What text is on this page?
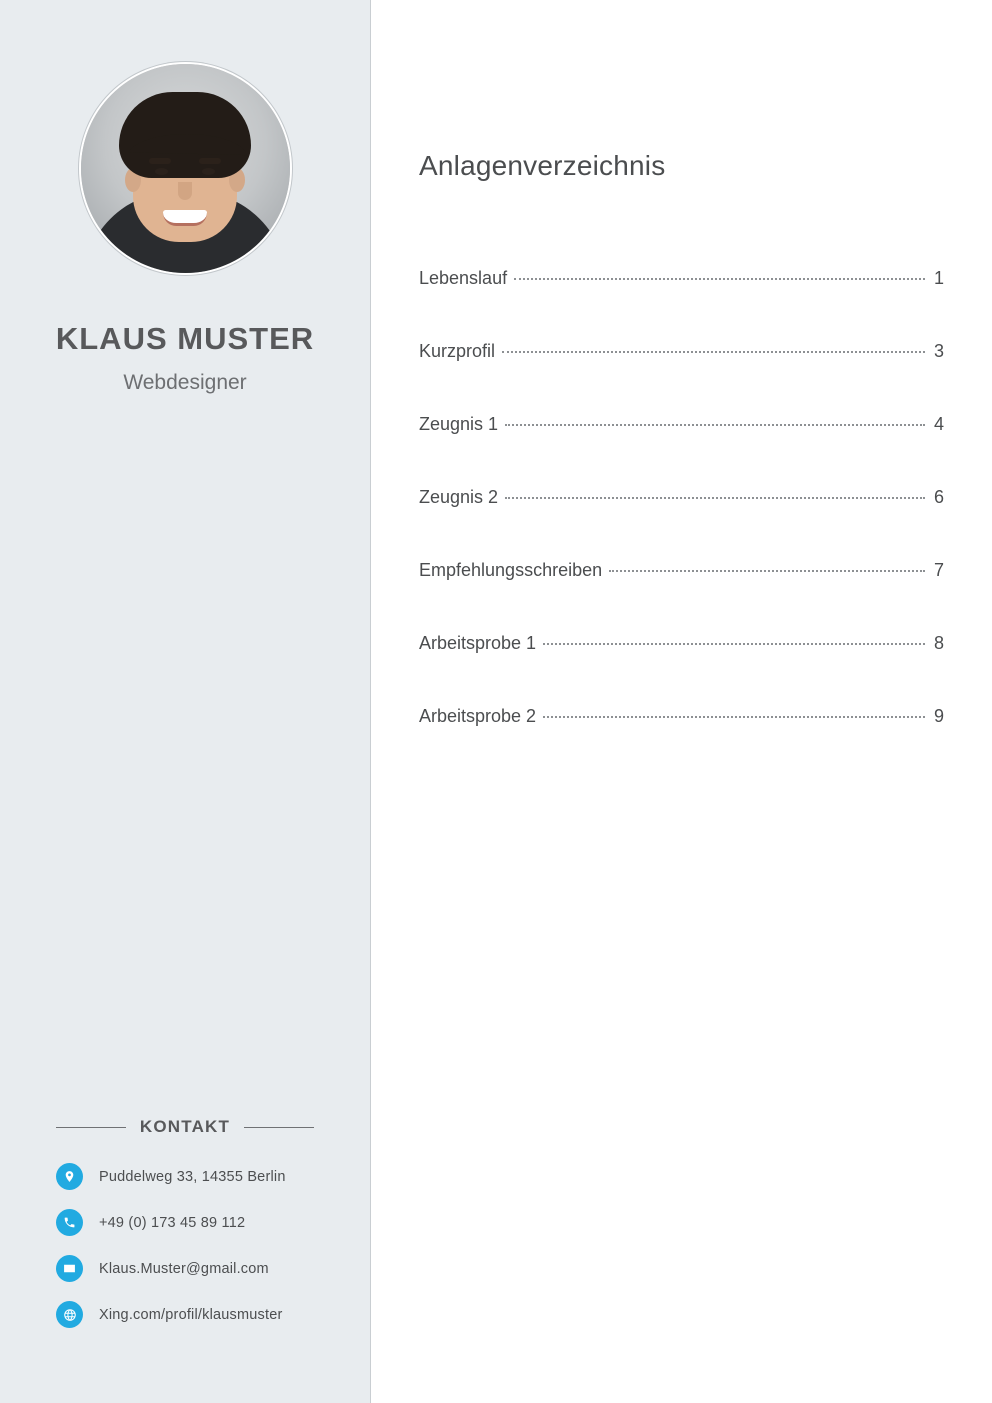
KLAUS MUSTER
Webdesigner
KONTAKT
Puddelweg 33, 14355 Berlin
+49 (0) 173 45 89 112
Klaus.Muster@gmail.com
Xing.com/profil/klausmuster
Anlagenverzeichnis
Lebenslauf	1
Kurzprofil	3
Zeugnis 1	4
Zeugnis 2	6
Empfehlungsschreiben	7
Arbeitsprobe 1	8
Arbeitsprobe 2	9
